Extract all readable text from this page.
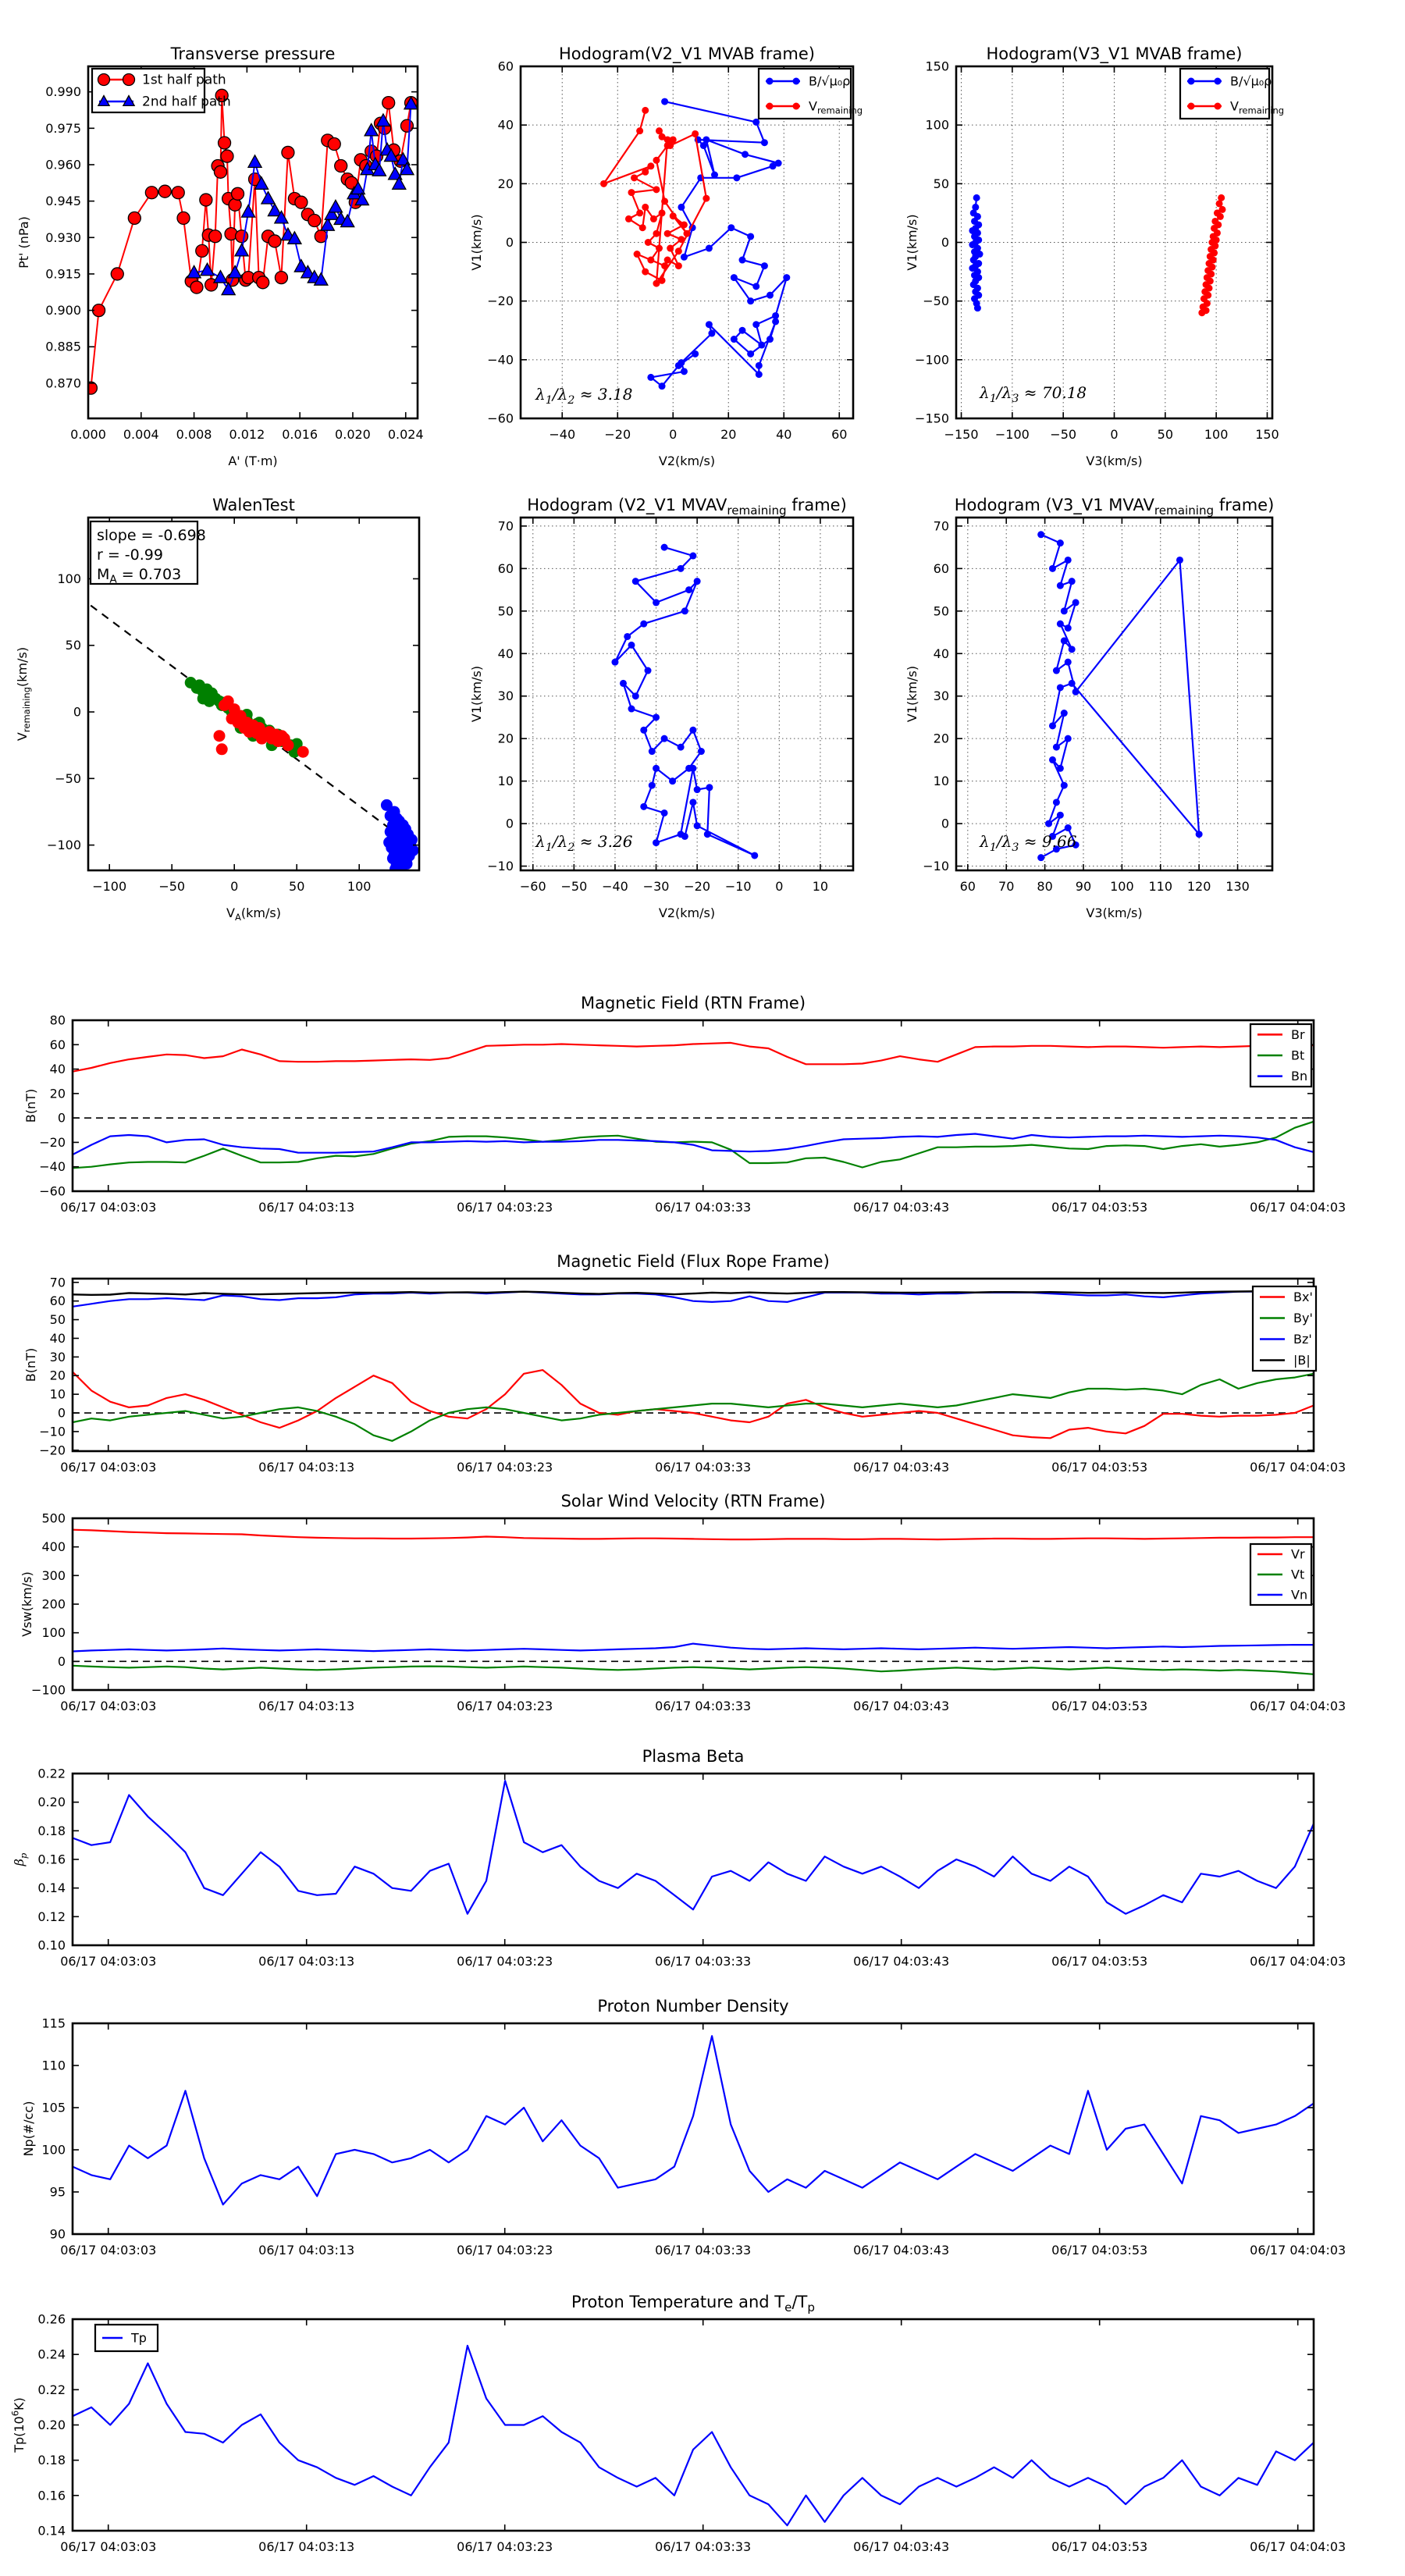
0.000 0.004 0.008 0.012 0.016 0.020 0.024
0.870
0.885
0.900
0.915
0.930
0.945
0.960
0.975
0.990
Transverse pressure
A' (T·m)
Pt' (nPa)
1st half path
2nd half path
−40 −20	0	20	40	60
−60
−40
−20
0
20
40
60
Hodogram(V2_V1 MVAB frame)
V2(km/s)
V1(km/s)
$\lambda_1/\lambda_2 \approx 3.18$
B/√μ₀ρ
$V_{remaining}$
−150 −100 −50	0	50 100 150
−150
−100
−50
0
50
100
150
Hodogram(V3_V1 MVAB frame)
V3(km/s)
V1(km/s)
$\lambda_1/\lambda_3 \approx 70.18$
B/√μ₀ρ
$V_{remaining}$
−100	−50	0	50	100
−100
−50
0
50
100
WalenTest
$V_A(km/s)$
$V_{remaining}(km/s)$
slope = -0.698
r = -0.99
$M_A = 0.703$
−60 −50 −40 −30 −20 −10 0 10
−10
0
10
20
30
40
50
60
70
Hodogram (V2_V1 $MVAV_{remaining}$ frame)
V2(km/s)
V1(km/s)
$\lambda_1/\lambda_2 \approx 3.26$
60 70 80 90 100 110 120 130
−10
0
10
20
30
40
50
60
70
Hodogram (V3_V1 $MVAV_{remaining}$ frame)
V3(km/s)
V1(km/s)
$\lambda_1/\lambda_3 \approx 9.66$
06/17 04:03:03	06/17 04:03:13	06/17 04:03:23	06/17 04:03:33	06/17 04:03:43	06/17 04:03:53	06/17 04:04:03
−60
−40
−20
0
20
40
60
80
Magnetic Field (RTN Frame)
B(nT)
Br
Bt
Bn
06/17 04:03:03	06/17 04:03:13	06/17 04:03:23	06/17 04:03:33	06/17 04:03:43	06/17 04:03:53	06/17 04:04:03
−20
−10
0
10
20
30
40
50
60
70
Magnetic Field (Flux Rope Frame)
B(nT)
Bx'
By'
Bz'
|B|
06/17 04:03:03	06/17 04:03:13	06/17 04:03:23	06/17 04:03:33	06/17 04:03:43	06/17 04:03:53	06/17 04:04:03
−100
0
100
200
300
400
500
Solar Wind Velocity (RTN Frame)
Vsw(km/s)
Vr
Vt
Vn
06/17 04:03:03	06/17 04:03:13	06/17 04:03:23	06/17 04:03:33	06/17 04:03:43	06/17 04:03:53	06/17 04:04:03
0.10
0.12
0.14
0.16
0.18
0.20
0.22
Plasma Beta
$\beta_p$
06/17 04:03:03	06/17 04:03:13	06/17 04:03:23	06/17 04:03:33	06/17 04:03:43	06/17 04:03:53	06/17 04:04:03
90
95
100
105
110
115
Proton Number Density
Np(#/cc)
06/17 04:03:03	06/17 04:03:13	06/17 04:03:23	06/17 04:03:33	06/17 04:03:43	06/17 04:03:53	06/17 04:04:03
0.14
0.16
0.18
0.20
0.22
0.24
0.26
Proton Temperature and $T_e/T_p$
$Tp(10^6K)$
Tp
